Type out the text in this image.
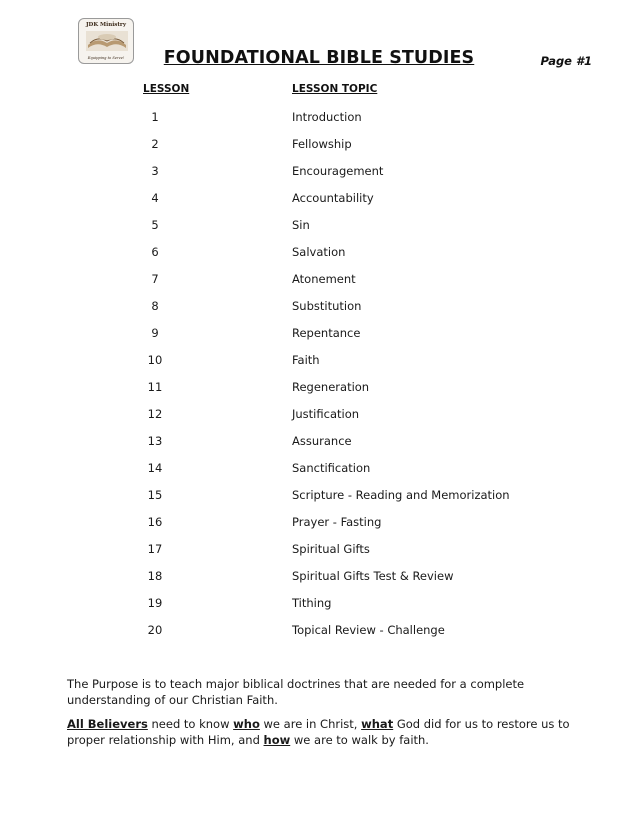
JDK Ministry
Equipping to Serve!	FOUNDATIONAL BIBLE STUDIES	Page #1
LESSON	LESSON TOPIC
1	Introduction
2	Fellowship
3	Encouragement
4	Accountability
5	Sin
6	Salvation
7	Atonement
8	Substitution
9	Repentance
10	Faith
11	Regeneration
12	Justification
13	Assurance
14	Sanctification
15	Scripture - Reading and Memorization
16	Prayer - Fasting
17	Spiritual Gifts
18	Spiritual Gifts Test & Review
19	Tithing
20	Topical Review - Challenge
The Purpose is to teach major biblical doctrines that are needed for a complete understanding of our Christian Faith.
All Believers need to know who we are in Christ, what God did for us to restore us to proper relationship with Him, and how we are to walk by faith.
